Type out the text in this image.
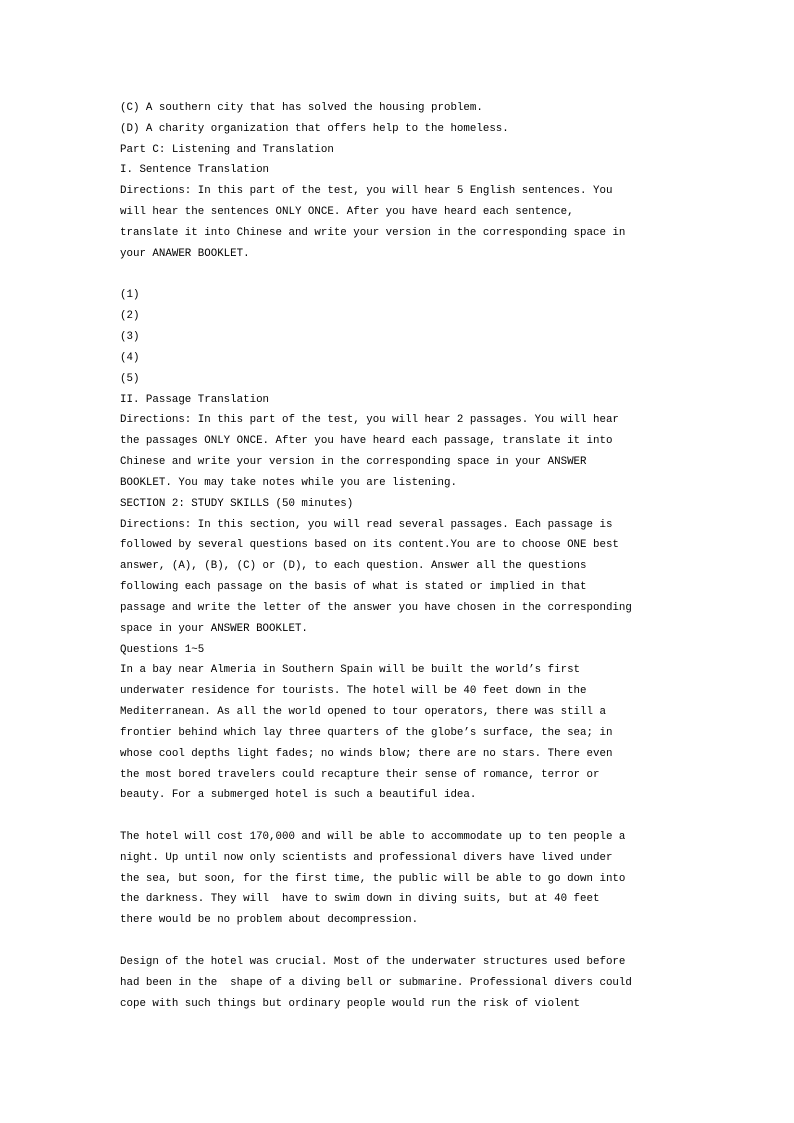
(C) A southern city that has solved the housing problem.
(D) A charity organization that offers help to the homeless.
Part C: Listening and Translation
I. Sentence Translation
Directions: In this part of the test, you will hear 5 English sentences. You
will hear the sentences ONLY ONCE. After you have heard each sentence,
translate it into Chinese and write your version in the corresponding space in
your ANAWER BOOKLET.
(1)
(2)
(3)
(4)
(5)
II. Passage Translation
Directions: In this part of the test, you will hear 2 passages. You will hear
the passages ONLY ONCE. After you have heard each passage, translate it into
Chinese and write your version in the corresponding space in your ANSWER
BOOKLET. You may take notes while you are listening.
SECTION 2: STUDY SKILLS (50 minutes)
Directions: In this section, you will read several passages. Each passage is
followed by several questions based on its content.You are to choose ONE best
answer, (A), (B), (C) or (D), to each question. Answer all the questions
following each passage on the basis of what is stated or implied in that
passage and write the letter of the answer you have chosen in the corresponding
space in your ANSWER BOOKLET.
Questions 1~5
In a bay near Almeria in Southern Spain will be built the world’s first
underwater residence for tourists. The hotel will be 40 feet down in the
Mediterranean. As all the world opened to tour operators, there was still a
frontier behind which lay three quarters of the globe’s surface, the sea; in
whose cool depths light fades; no winds blow; there are no stars. There even
the most bored travelers could recapture their sense of romance, terror or
beauty. For a submerged hotel is such a beautiful idea.
The hotel will cost 170,000 and will be able to accommodate up to ten people a
night. Up until now only scientists and professional divers have lived under
the sea, but soon, for the first time, the public will be able to go down into
the darkness. They will  have to swim down in diving suits, but at 40 feet
there would be no problem about decompression.
Design of the hotel was crucial. Most of the underwater structures used before
had been in the  shape of a diving bell or submarine. Professional divers could
cope with such things but ordinary people would run the risk of violent
